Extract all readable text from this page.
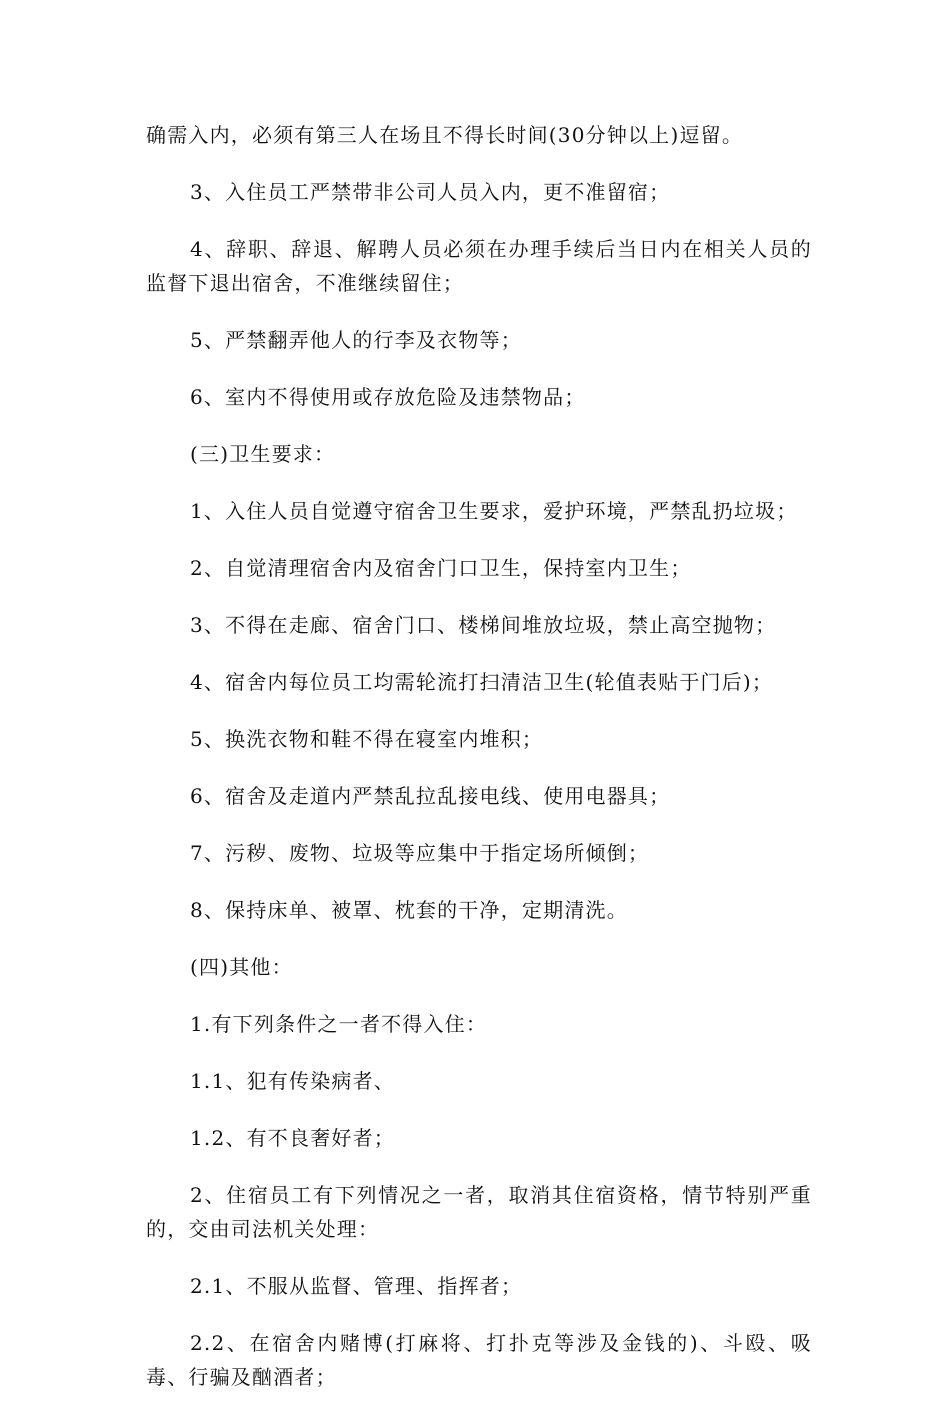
确需入内，必须有第三人在场且不得长时间(30分钟以上)逗留。

3、入住员工严禁带非公司人员入内，更不准留宿；

4、辞职、辞退、解聘人员必须在办理手续后当日内在相关人员的监督下退出宿舍，不准继续留住；

5、严禁翻弄他人的行李及衣物等；

6、室内不得使用或存放危险及违禁物品；

(三)卫生要求：

1、入住人员自觉遵守宿舍卫生要求，爱护环境，严禁乱扔垃圾；

2、自觉清理宿舍内及宿舍门口卫生，保持室内卫生；

3、不得在走廊、宿舍门口、楼梯间堆放垃圾，禁止高空抛物；

4、宿舍内每位员工均需轮流打扫清洁卫生(轮值表贴于门后)；

5、换洗衣物和鞋不得在寝室内堆积；

6、宿舍及走道内严禁乱拉乱接电线、使用电器具；

7、污秽、废物、垃圾等应集中于指定场所倾倒；

8、保持床单、被罩、枕套的干净，定期清洗。

(四)其他：

1.有下列条件之一者不得入住：

1.1、犯有传染病者、

1.2、有不良奢好者；

2、住宿员工有下列情况之一者，取消其住宿资格，情节特别严重的，交由司法机关处理：

2.1、不服从监督、管理、指挥者；

2.2、在宿舍内赌博(打麻将、打扑克等涉及金钱的)、斗殴、吸毒、行骗及酗酒者；
